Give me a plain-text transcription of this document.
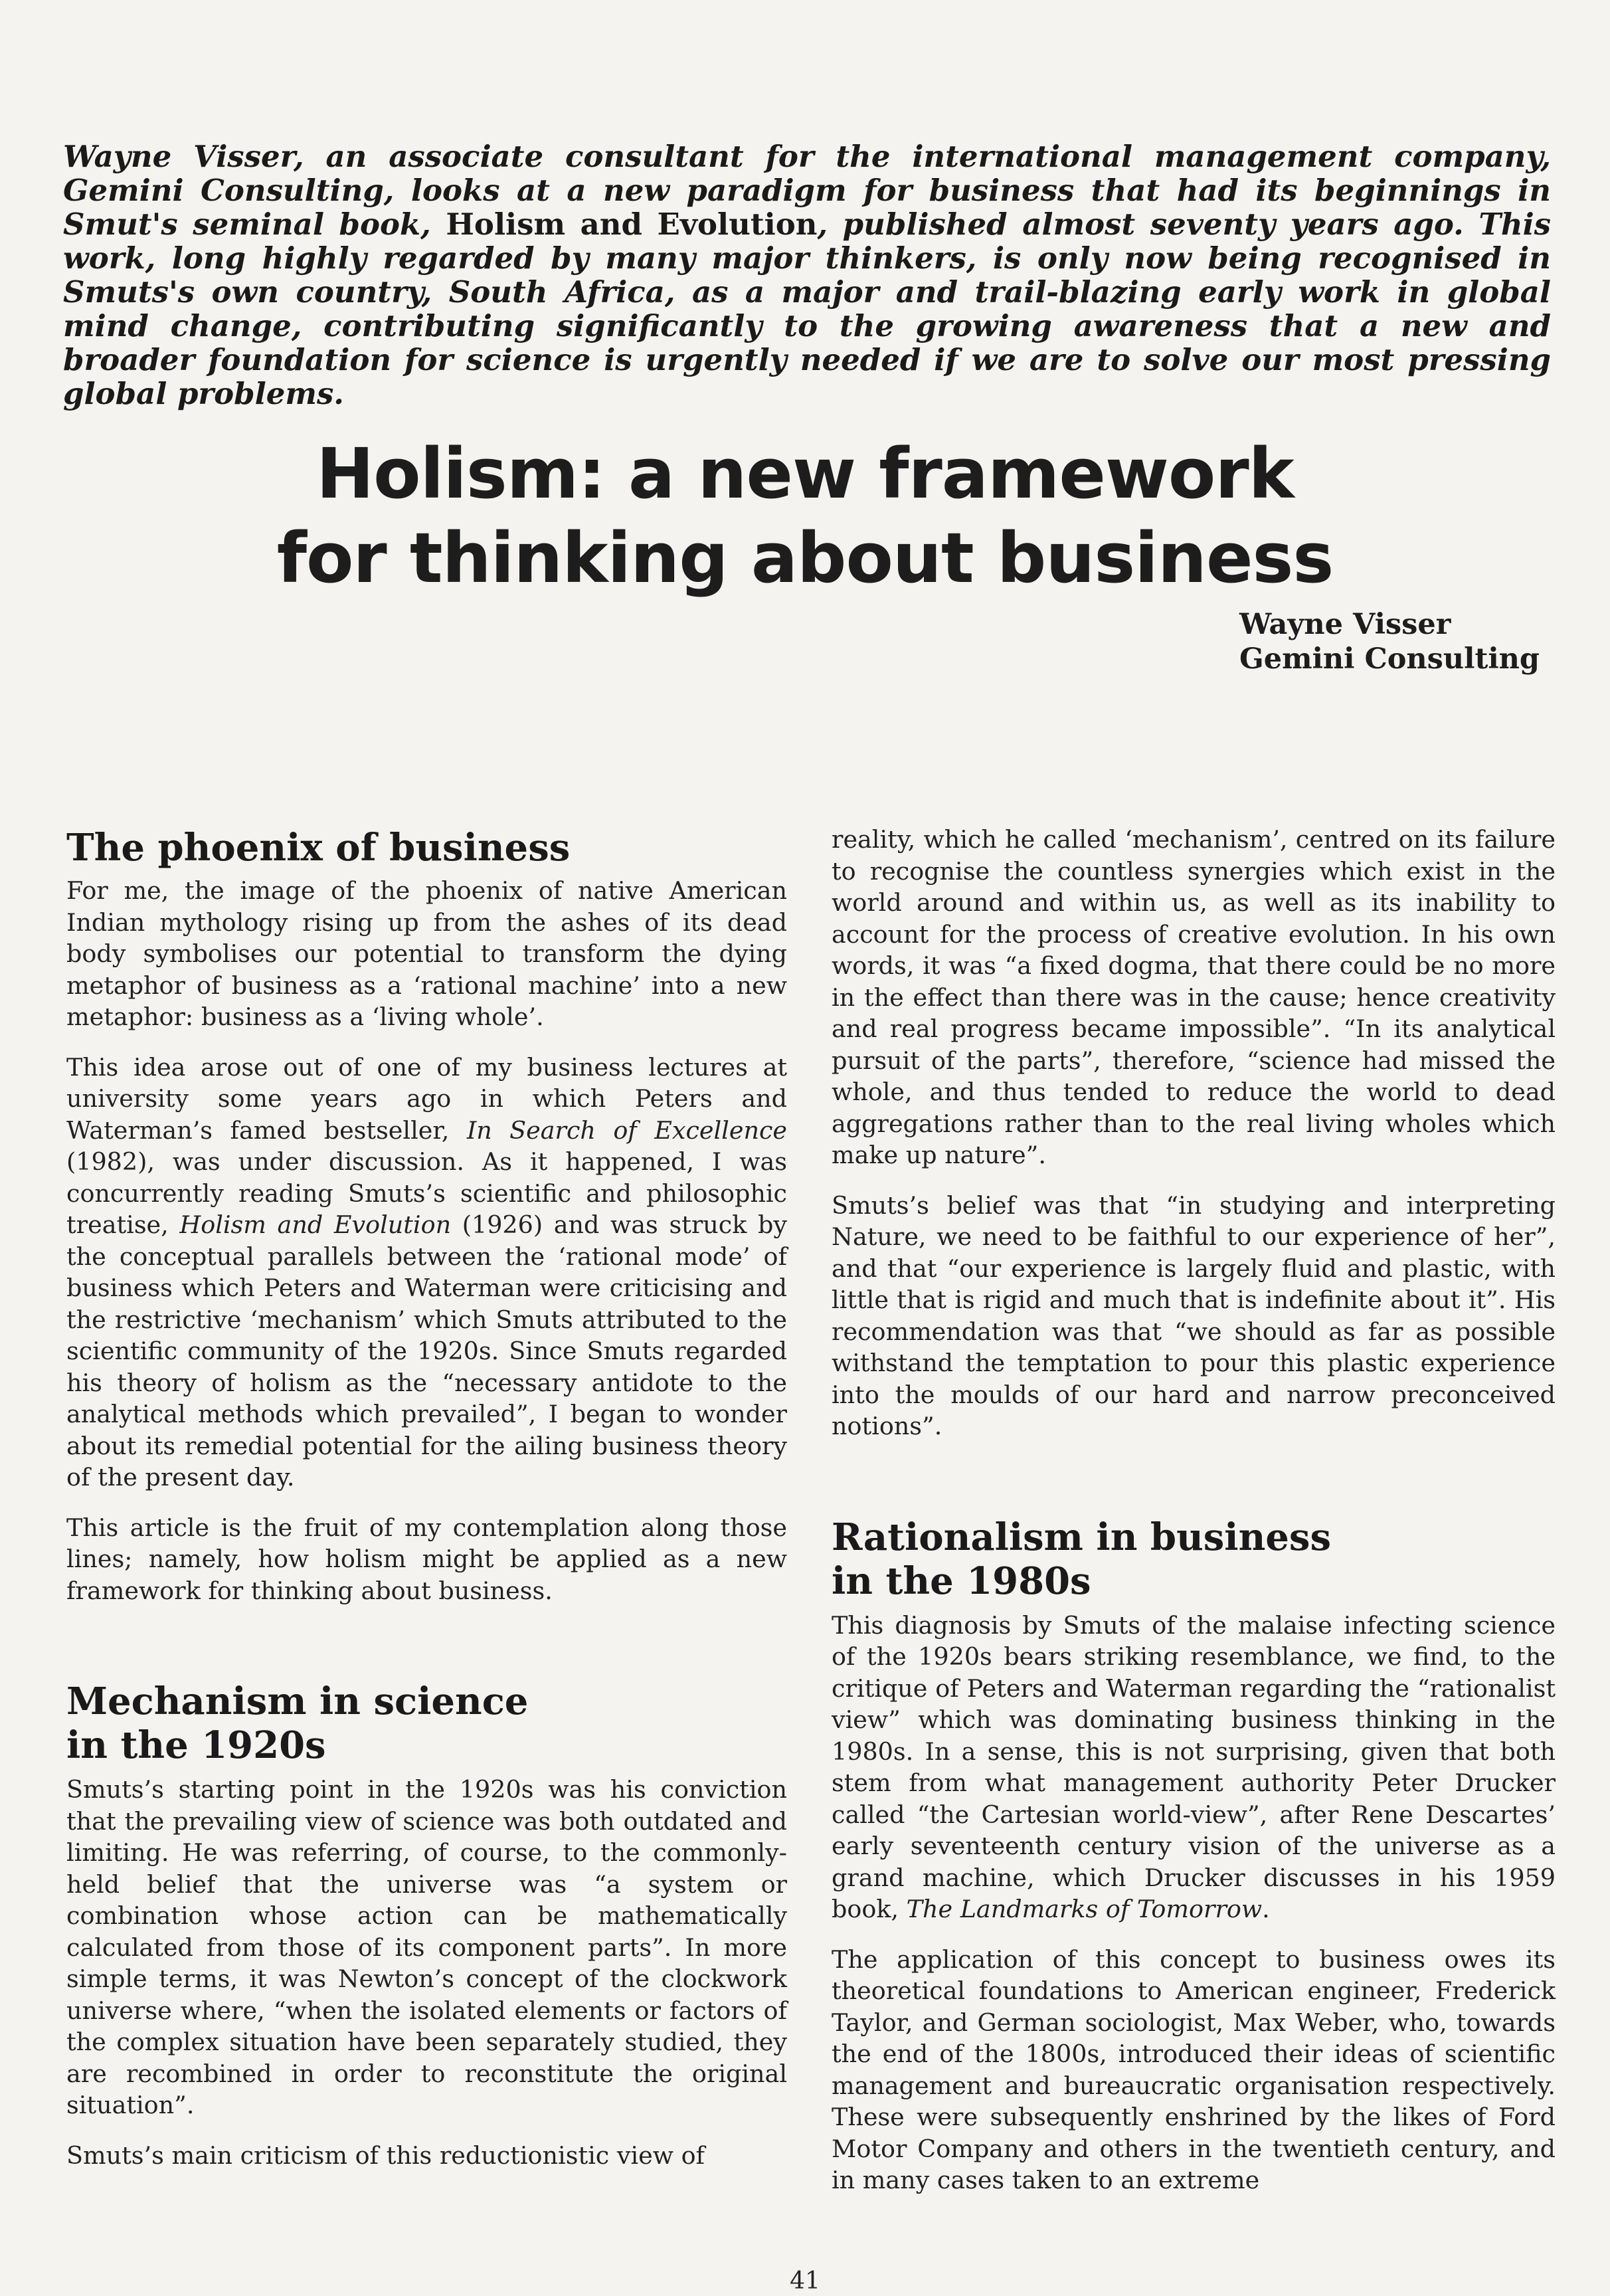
Wayne Visser, an associate consultant for the international management company, Gemini Consulting, looks at a new paradigm for business that had its beginnings in Smut's seminal book, Holism and Evolution, published almost seventy years ago. This work, long highly regarded by many major thinkers, is only now being recognised in Smuts's own country, South Africa, as a major and trail-blazing early work in global mind change, contributing significantly to the growing awareness that a new and broader foundation for science is urgently needed if we are to solve our most pressing global problems.
Holism: a new framework
for thinking about business
Wayne Visser
Gemini Consulting
The phoenix of business

For me, the image of the phoenix of native American Indian mythology rising up from the ashes of its dead body symbolises our potential to transform the dying metaphor of business as a ‘rational machine’ into a new metaphor: business as a ‘living whole’.

This idea arose out of one of my business lectures at university some years ago in which Peters and Waterman’s famed bestseller, In Search of Excellence (1982), was under discussion. As it happened, I was concurrently reading Smuts’s scientific and philosophic treatise, Holism and Evolution (1926) and was struck by the conceptual parallels between the ‘rational mode’ of business which Peters and Waterman were criticising and the restrictive ‘mechanism’ which Smuts attributed to the scientific community of the 1920s. Since Smuts regarded his theory of holism as the “necessary antidote to the analytical methods which prevailed”, I began to wonder about its remedial potential for the ailing business theory of the present day.

This article is the fruit of my contemplation along those lines; namely, how holism might be applied as a new framework for thinking about business.

Mechanism in science
in the 1920s

Smuts’s starting point in the 1920s was his conviction that the prevailing view of science was both outdated and limiting. He was referring, of course, to the commonly-held belief that the universe was “a system or combination whose action can be mathematically calculated from those of its component parts”. In more simple terms, it was Newton’s concept of the clockwork universe where, “when the isolated elements or factors of the complex situation have been separately studied, they are recombined in order to reconstitute the original situation”.

Smuts’s main criticism of this reductionistic view of

reality, which he called ‘mechanism’, centred on its failure to recognise the countless synergies which exist in the world around and within us, as well as its inability to account for the process of creative evolution. In his own words, it was “a fixed dogma, that there could be no more in the effect than there was in the cause; hence creativity and real progress became impossible”. “In its analytical pursuit of the parts”, therefore, “science had missed the whole, and thus tended to reduce the world to dead aggregations rather than to the real living wholes which make up nature”.

Smuts’s belief was that “in studying and interpreting Nature, we need to be faithful to our experience of her”, and that “our experience is largely fluid and plastic, with little that is rigid and much that is indefinite about it”. His recommendation was that “we should as far as possible withstand the temptation to pour this plastic experience into the moulds of our hard and narrow preconceived notions”.

Rationalism in business
in the 1980s

This diagnosis by Smuts of the malaise infecting science of the 1920s bears striking resemblance, we find, to the critique of Peters and Waterman regarding the “rationalist view” which was dominating business thinking in the 1980s. In a sense, this is not surprising, given that both stem from what management authority Peter Drucker called “the Cartesian world-view”, after Rene Descartes’ early seventeenth century vision of the universe as a grand machine, which Drucker discusses in his 1959 book, The Landmarks of Tomorrow.

The application of this concept to business owes its theoretical foundations to American engineer, Frederick Taylor, and German sociologist, Max Weber, who, towards the end of the 1800s, introduced their ideas of scientific management and bureaucratic organisation respectively. These were subsequently enshrined by the likes of Ford Motor Company and others in the twentieth century, and in many cases taken to an extreme

41
